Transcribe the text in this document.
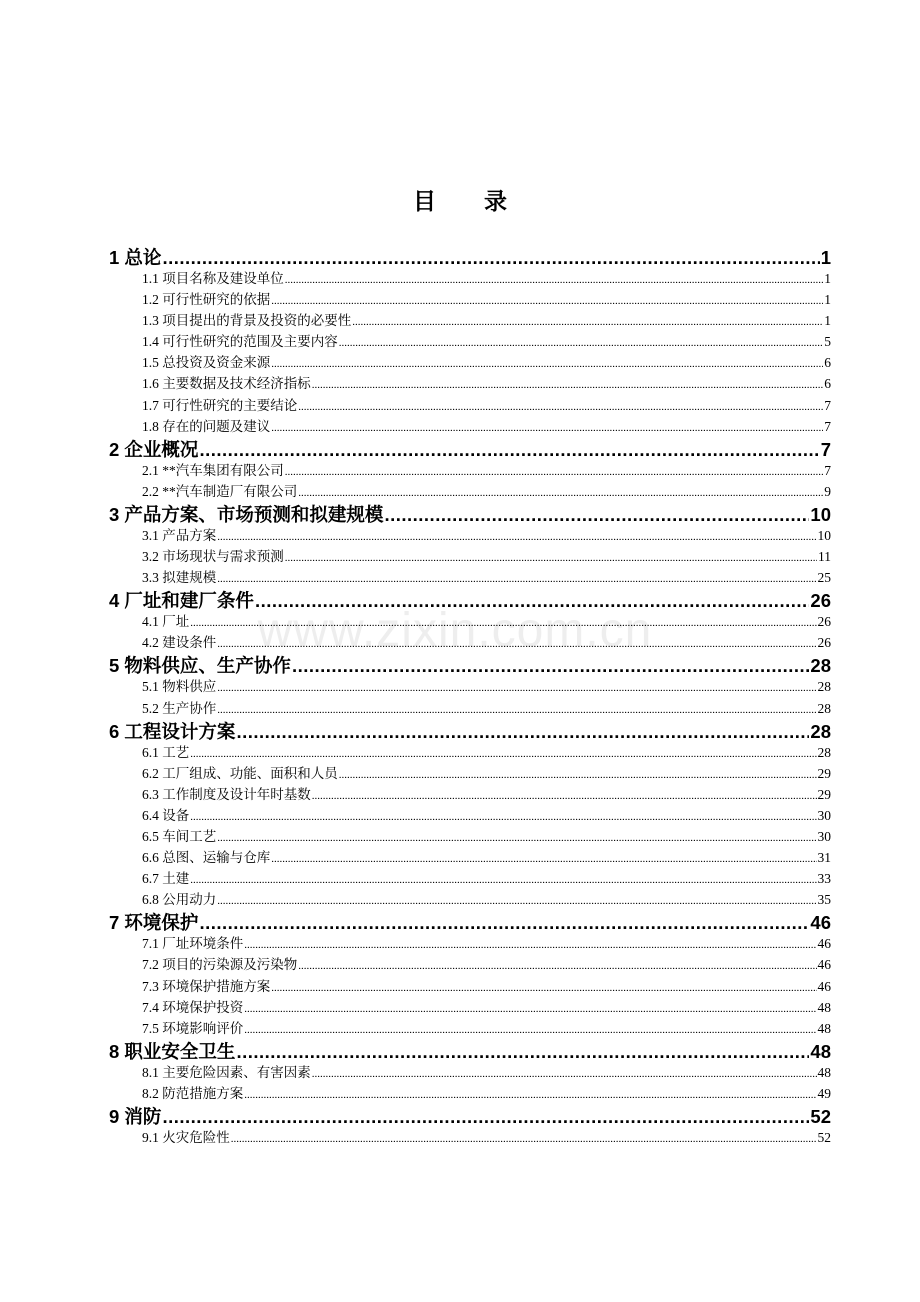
目 录
www.zixin.com.cn
1 总论 .....	1
1.1 项目名称及建设单位 .....	1
1.2 可行性研究的依据 .....	1
1.3 项目提出的背景及投资的必要性 .....	1
1.4 可行性研究的范围及主要内容 .....	5
1.5 总投资及资金来源 .....	6
1.6 主要数据及技术经济指标 .....	6
1.7 可行性研究的主要结论 .....	7
1.8 存在的问题及建议 .....	7
2 企业概况 .....	7
2.1 **汽车集团有限公司 .....	7
2.2 **汽车制造厂有限公司 .....	9
3 产品方案、市场预测和拟建规模 .....	10
3.1 产品方案 .....	10
3.2 市场现状与需求预测 .....	11
3.3 拟建规模 .....	25
4 厂址和建厂条件 .....	26
4.1 厂址 .....	26
4.2 建设条件 .....	26
5 物料供应、生产协作 .....	28
5.1 物料供应 .....	28
5.2 生产协作 .....	28
6 工程设计方案 .....	28
6.1 工艺 .....	28
6.2 工厂组成、功能、面积和人员 .....	29
6.3 工作制度及设计年时基数 .....	29
6.4 设备 .....	30
6.5 车间工艺 .....	30
6.6 总图、运输与仓库 .....	31
6.7 土建 .....	33
6.8 公用动力 .....	35
7 环境保护 .....	46
7.1 厂址环境条件 .....	46
7.2 项目的污染源及污染物 .....	46
7.3 环境保护措施方案 .....	46
7.4 环境保护投资 .....	48
7.5 环境影响评价 .....	48
8 职业安全卫生 .....	48
8.1 主要危险因素、有害因素 .....	48
8.2 防范措施方案 .....	49
9 消防 .....	52
9.1 火灾危险性 .....	52
